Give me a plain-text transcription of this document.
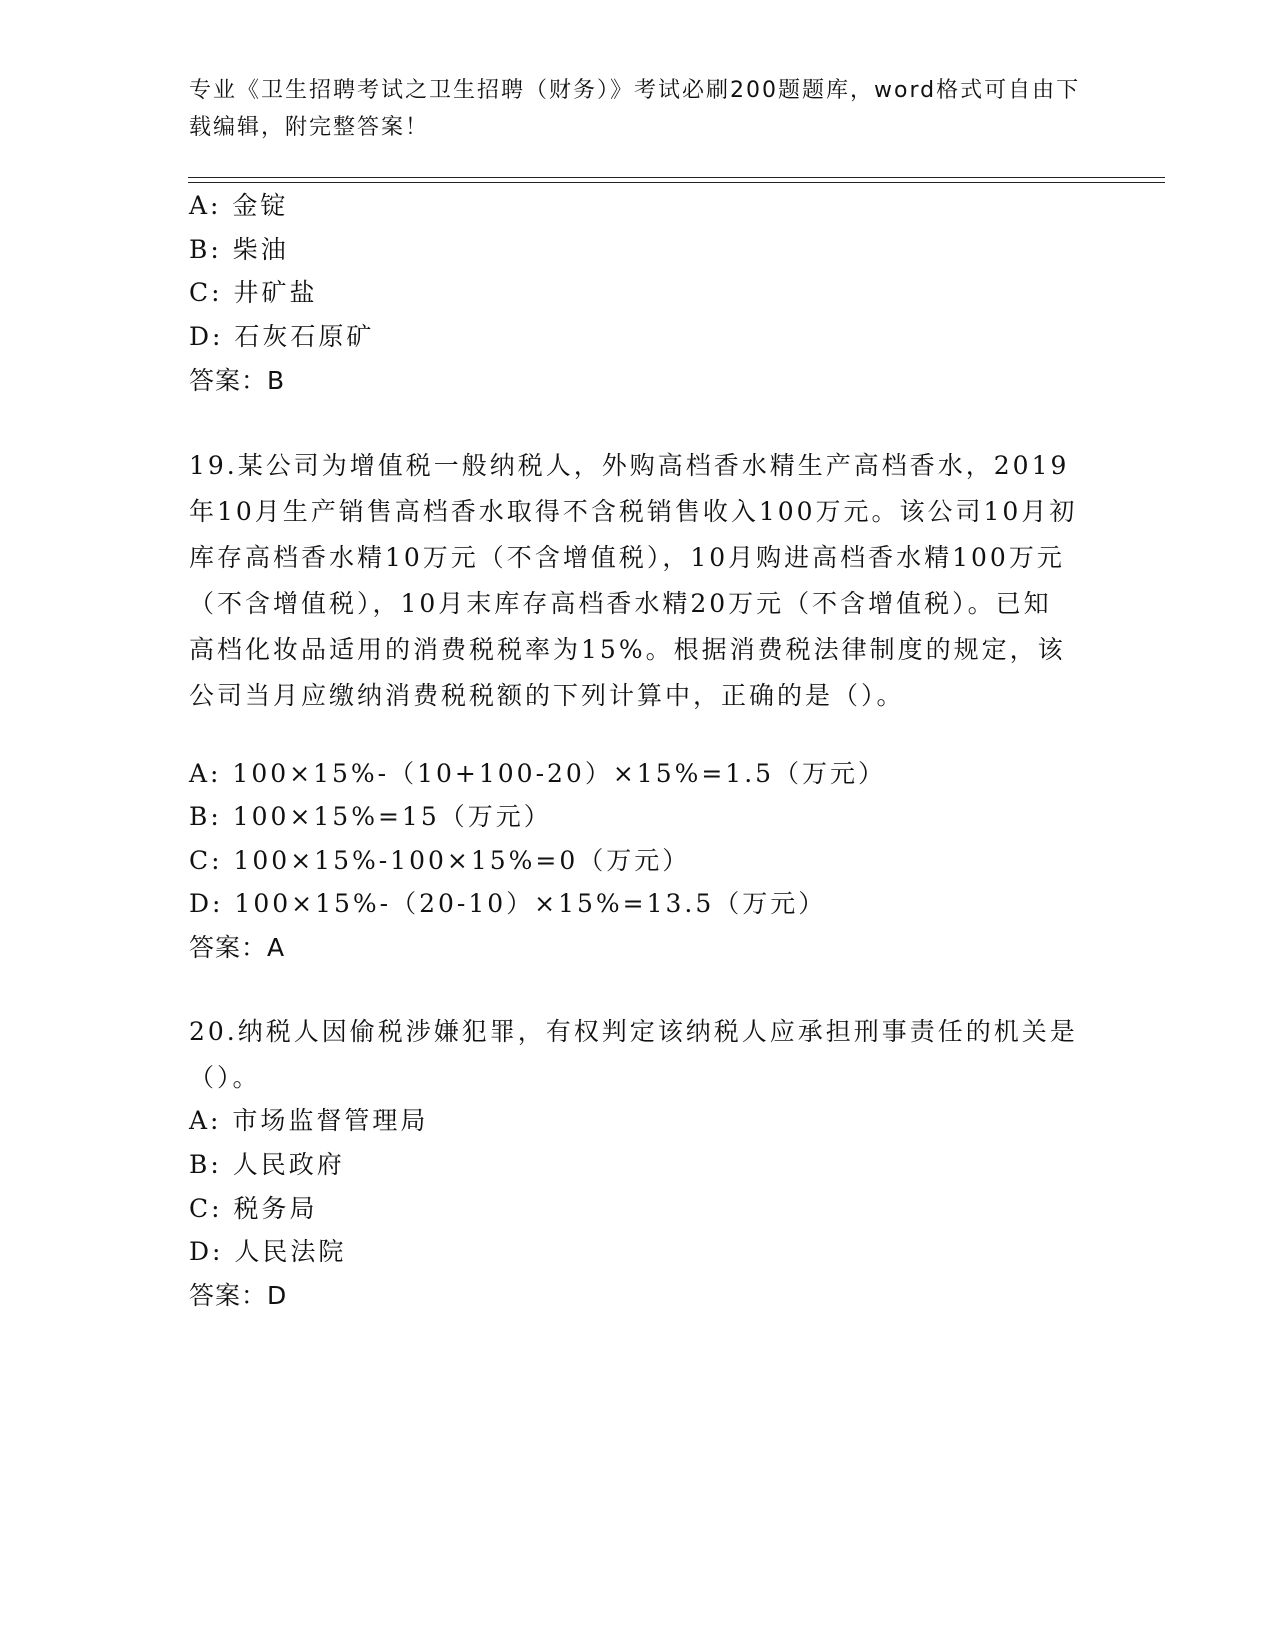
专业《卫生招聘考试之卫生招聘（财务）》考试必刷200题题库，word格式可自由下载编辑，附完整答案！
A: 金锭
B: 柴油
C: 井矿盐
D: 石灰石原矿
答案：B
19.某公司为增值税一般纳税人，外购高档香水精生产高档香水，2019年10月生产销售高档香水取得不含税销售收入100万元。该公司10月初库存高档香水精10万元（不含增值税），10月购进高档香水精100万元（不含增值税），10月末库存高档香水精20万元（不含增值税）。已知高档化妆品适用的消费税税率为15%。根据消费税法律制度的规定，该公司当月应缴纳消费税税额的下列计算中，正确的是（）。
A: 100×15%-（10+100-20）×15%=1.5（万元）
B: 100×15%=15（万元）
C: 100×15%-100×15%=0（万元）
D: 100×15%-（20-10）×15%=13.5（万元）
答案：A
20.纳税人因偷税涉嫌犯罪，有权判定该纳税人应承担刑事责任的机关是（）。
A: 市场监督管理局
B: 人民政府
C: 税务局
D: 人民法院
答案：D
